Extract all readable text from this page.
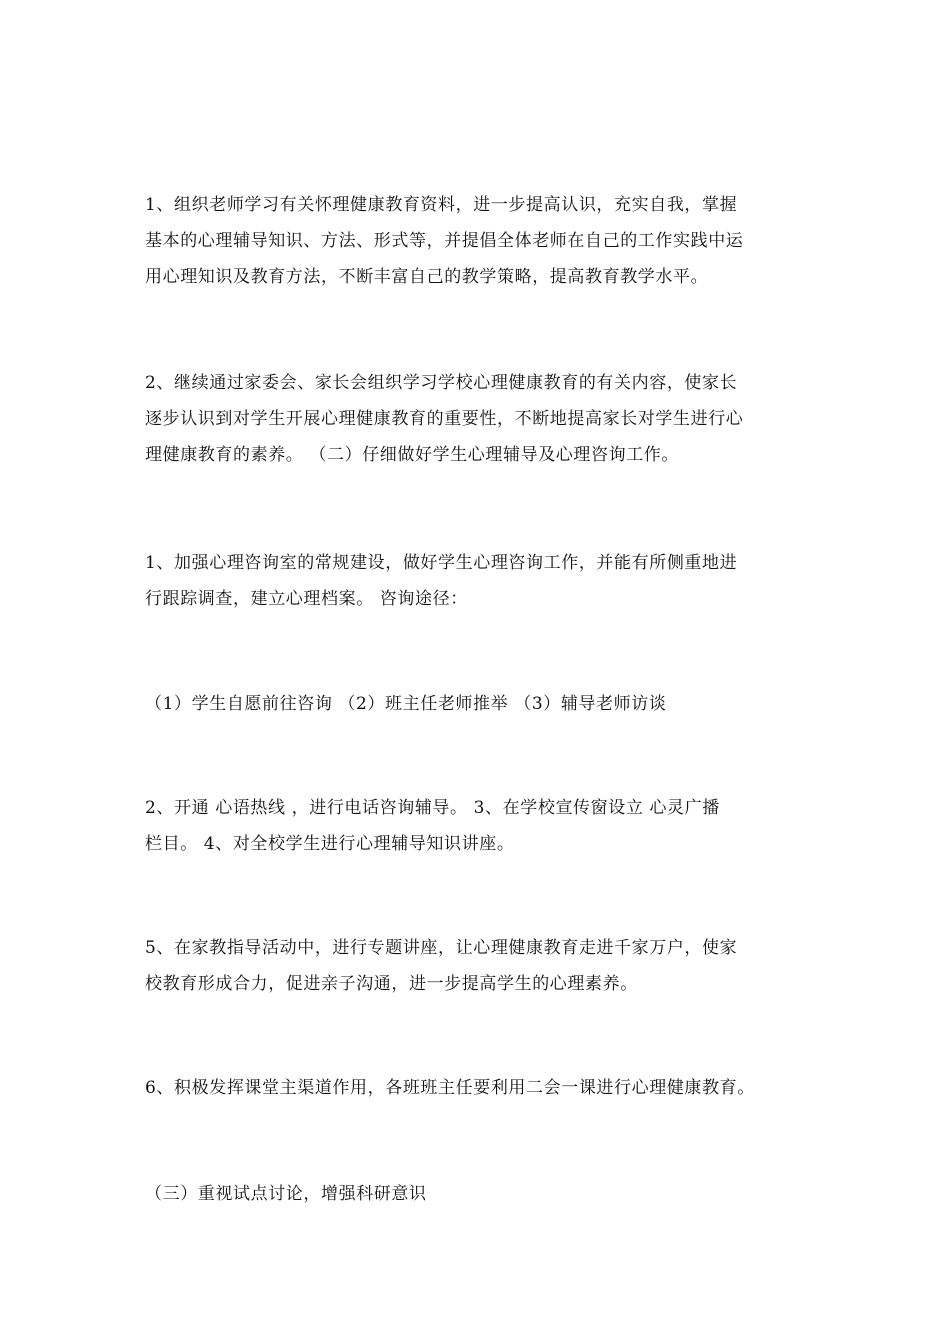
1、组织老师学习有关怀理健康教育资料，进一步提高认识，充实自我，掌握
基本的心理辅导知识、方法、形式等，并提倡全体老师在自己的工作实践中运
用心理知识及教育方法，不断丰富自己的教学策略，提高教育教学水平。
2、继续通过家委会、家长会组织学习学校心理健康教育的有关内容，使家长
逐步认识到对学生开展心理健康教育的重要性，不断地提高家长对学生进行心
理健康教育的素养。 （二）仔细做好学生心理辅导及心理咨询工作。
1、加强心理咨询室的常规建设，做好学生心理咨询工作，并能有所侧重地进
行跟踪调查，建立心理档案。 咨询途径：
（1）学生自愿前往咨询 （2）班主任老师推举 （3）辅导老师访谈
2、开通 心语热线 ，进行电话咨询辅导。 3、在学校宣传窗设立 心灵广播
栏目。 4、对全校学生进行心理辅导知识讲座。
5、在家教指导活动中，进行专题讲座，让心理健康教育走进千家万户，使家
校教育形成合力，促进亲子沟通，进一步提高学生的心理素养。
6、积极发挥课堂主渠道作用，各班班主任要利用二会一课进行心理健康教育。
（三）重视试点讨论，增强科研意识
